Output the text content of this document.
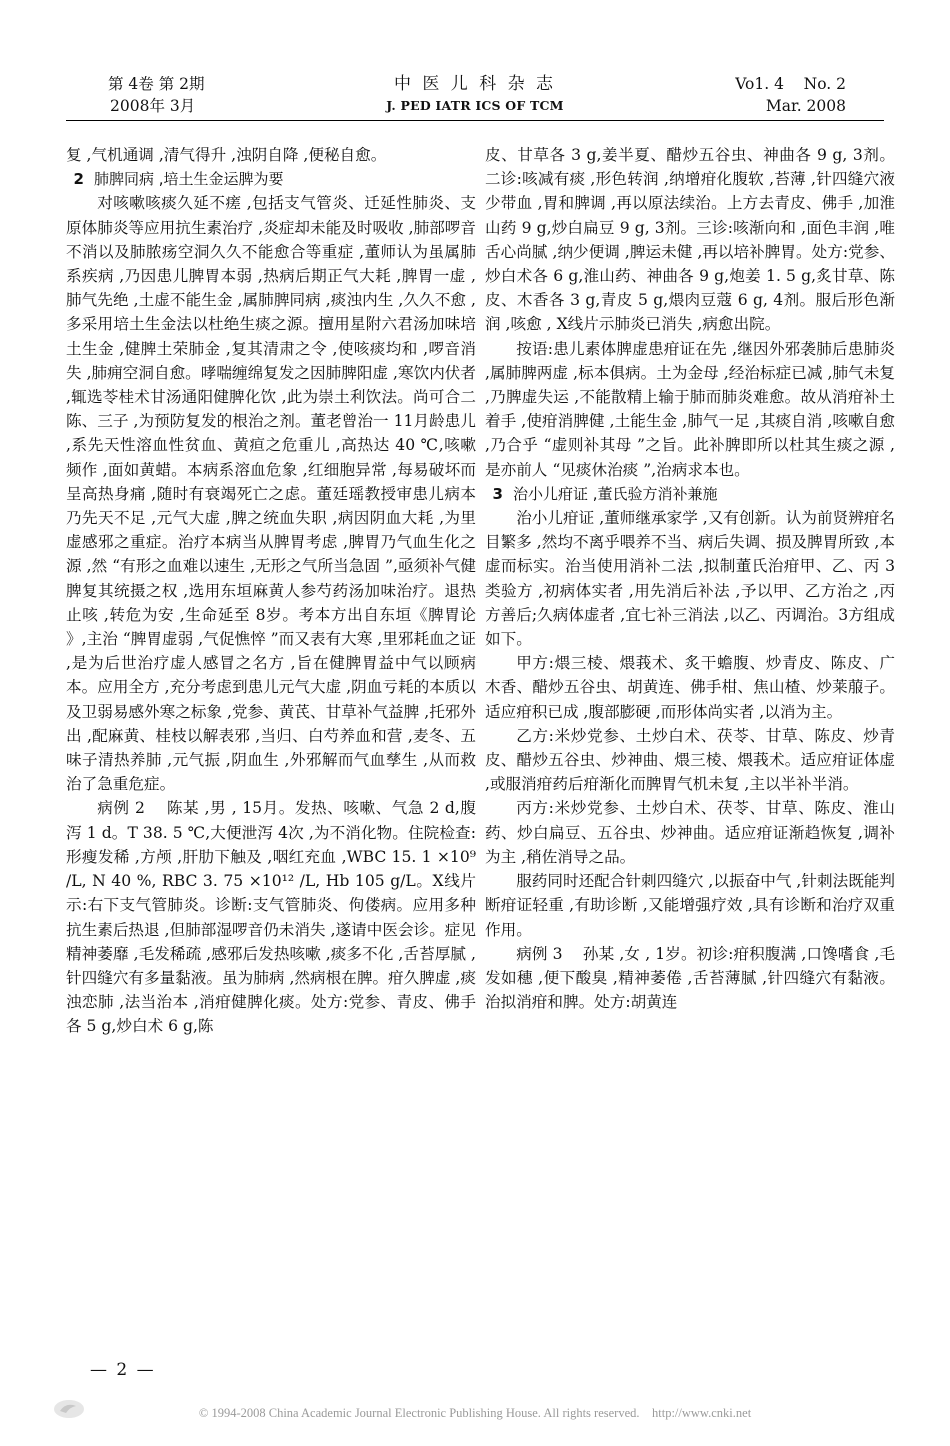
第 4卷 第 2期
2008年 3月
中 医 儿 科 杂 志
J. PED IATR ICS OF TCM
Vo1. 4    No. 2
Mar. 2008

复 ,气机通调 ,清气得升 ,浊阴自降 ,便秘自愈。

2 肺脾同病 ,培土生金运脾为要

对咳嗽咳痰久延不瘥 ,包括支气管炎、迁延性肺炎、支原体肺炎等应用抗生素治疗 ,炎症却未能及时吸收 ,肺部啰音不消以及肺脓疡空洞久久不能愈合等重症 ,董师认为虽属肺系疾病 ,乃因患儿脾胃本弱 ,热病后期正气大耗 ,脾胃一虚 ,肺气先绝 ,土虚不能生金 ,属肺脾同病 ,痰浊内生 ,久久不愈 ,多采用培土生金法以杜绝生痰之源。擅用星附六君汤加味培土生金 ,健脾土荣肺金 ,复其清肃之令 ,使咳痰均和 ,啰音消失 ,肺痈空洞自愈。哮喘缠绵复发之因肺脾阳虚 ,寒饮内伏者 ,辄选苓桂术甘汤通阳健脾化饮 ,此为崇土利饮法。尚可合二陈、三子 ,为预防复发的根治之剂。董老曾治一 11月龄患儿 ,系先天性溶血性贫血、黄疸之危重儿 ,高热达 40 ℃,咳嗽频作 ,面如黄蜡。本病系溶血危象 ,红细胞异常 ,每易破坏而呈高热身痛 ,随时有衰竭死亡之虑。董廷瑶教授审患儿病本乃先天不足 ,元气大虚 ,脾之统血失职 ,病因阴血大耗 ,为里虚感邪之重症。治疗本病当从脾胃考虑 ,脾胃乃气血生化之源 ,然 “有形之血难以速生 ,无形之气所当急固 ”,亟须补气健脾复其统摄之权 ,选用东垣麻黄人参芍药汤加味治疗。退热止咳 ,转危为安 ,生命延至 8岁。考本方出自东垣《脾胃论 》,主治 “脾胃虚弱 ,气促憔悴 ”而又表有大寒 ,里邪耗血之证 ,是为后世治疗虚人感冒之名方 ,旨在健脾胃益中气以顾病本。应用全方 ,充分考虑到患儿元气大虚 ,阴血亏耗的本质以及卫弱易感外寒之标象 ,党参、黄芪、甘草补气益脾 ,托邪外出 ,配麻黄、桂枝以解表邪 ,当归、白芍养血和营 ,麦冬、五味子清热养肺 ,元气振 ,阴血生 ,外邪解而气血孳生 ,从而救治了急重危症。

病例 2    陈某 ,男 , 15月。发热、咳嗽、气急 2 d,腹泻 1 d。T 38. 5 ℃,大便泄泻 4次 ,为不消化物。住院检查:形瘦发稀 ,方颅 ,肝肋下触及 ,咽红充血 ,WBC 15. 1 ×10⁹ /L, N 40 %, RBC 3. 75 ×10¹² /L, Hb 105 g/L。X线片示:右下支气管肺炎。诊断:支气管肺炎、佝偻病。应用多种抗生素后热退 ,但肺部湿啰音仍未消失 ,遂请中医会诊。症见精神萎靡 ,毛发稀疏 ,感邪后发热咳嗽 ,痰多不化 ,舌苔厚腻 ,针四缝穴有多量黏液。虽为肺病 ,然病根在脾。疳久脾虚 ,痰浊恋肺 ,法当治本 ,消疳健脾化痰。处方:党参、青皮、佛手各 5 g,炒白术 6 g,陈

皮、甘草各 3 g,姜半夏、醋炒五谷虫、神曲各 9 g, 3剂。二诊:咳减有痰 ,形色转润 ,纳增疳化腹软 ,苔薄 ,针四缝穴液少带血 ,胃和脾调 ,再以原法续治。上方去青皮、佛手 ,加淮山药 9 g,炒白扁豆 9 g, 3剂。三诊:咳渐向和 ,面色丰润 ,唯舌心尚腻 ,纳少便调 ,脾运未健 ,再以培补脾胃。处方:党参、炒白术各 6 g,淮山药、神曲各 9 g,炮姜 1. 5 g,炙甘草、陈皮、木香各 3 g,青皮 5 g,煨肉豆蔻 6 g, 4剂。服后形色渐润 ,咳愈 , X线片示肺炎已消失 ,病愈出院。

按语:患儿素体脾虚患疳证在先 ,继因外邪袭肺后患肺炎 ,属肺脾两虚 ,标本俱病。土为金母 ,经治标症已减 ,肺气未复 ,乃脾虚失运 ,不能散精上输于肺而肺炎难愈。故从消疳补土着手 ,使疳消脾健 ,土能生金 ,肺气一足 ,其痰自消 ,咳嗽自愈 ,乃合乎 “虚则补其母 ”之旨。此补脾即所以杜其生痰之源 ,是亦前人 “见痰休治痰 ”,治病求本也。

3 治小儿疳证 ,董氏验方消补兼施

治小儿疳证 ,董师继承家学 ,又有创新。认为前贤辨疳名目繁多 ,然均不离乎喂养不当、病后失调、损及脾胃所致 ,本虚而标实。治当使用消补二法 ,拟制董氏治疳甲、乙、丙 3类验方 ,初病体实者 ,用先消后补法 ,予以甲、乙方治之 ,丙方善后;久病体虚者 ,宜七补三消法 ,以乙、丙调治。3方组成如下。

甲方:煨三棱、煨莪术、炙干蟾腹、炒青皮、陈皮、广木香、醋炒五谷虫、胡黄连、佛手柑、焦山楂、炒莱菔子。适应疳积已成 ,腹部膨硬 ,而形体尚实者 ,以消为主。

乙方:米炒党参、土炒白术、茯苓、甘草、陈皮、炒青皮、醋炒五谷虫、炒神曲、煨三棱、煨莪术。适应疳证体虚 ,或服消疳药后疳渐化而脾胃气机未复 ,主以半补半消。

丙方:米炒党参、土炒白术、茯苓、甘草、陈皮、淮山药、炒白扁豆、五谷虫、炒神曲。适应疳证渐趋恢复 ,调补为主 ,稍佐消导之品。

服药同时还配合针刺四缝穴 ,以振奋中气 ,针刺法既能判断疳证轻重 ,有助诊断 ,又能增强疗效 ,具有诊断和治疗双重作用。

病例 3    孙某 ,女 , 1岁。初诊:疳积腹满 ,口馋嗜食 ,毛发如穗 ,便下酸臭 ,精神萎倦 ,舌苔薄腻 ,针四缝穴有黏液。治拟消疳和脾。处方:胡黄连

— 2 —
© 1994-2008 China Academic Journal Electronic Publishing House. All rights reserved.    http://www.cnki.net
